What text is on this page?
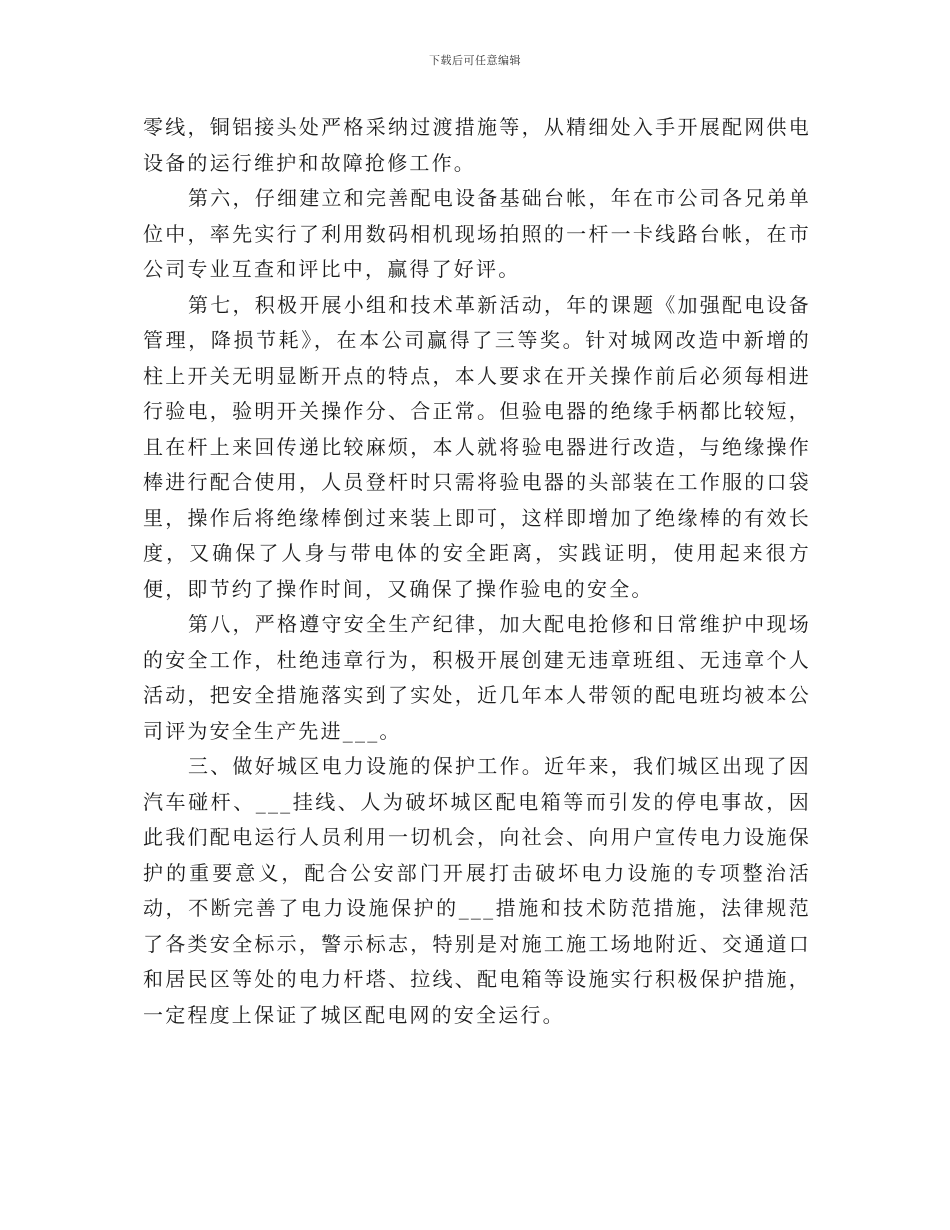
下载后可任意编辑

零线，铜铝接头处严格采纳过渡措施等，从精细处入手开展配网供电设备的运行维护和故障抢修工作。

第六，仔细建立和完善配电设备基础台帐，年在市公司各兄弟单位中，率先实行了利用数码相机现场拍照的一杆一卡线路台帐，在市公司专业互查和评比中，赢得了好评。

第七，积极开展小组和技术革新活动，年的课题《加强配电设备管理，降损节耗》，在本公司赢得了三等奖。针对城网改造中新增的柱上开关无明显断开点的特点，本人要求在开关操作前后必须每相进行验电，验明开关操作分、合正常。但验电器的绝缘手柄都比较短，且在杆上来回传递比较麻烦，本人就将验电器进行改造，与绝缘操作棒进行配合使用，人员登杆时只需将验电器的头部装在工作服的口袋里，操作后将绝缘棒倒过来装上即可，这样即增加了绝缘棒的有效长度，又确保了人身与带电体的安全距离，实践证明，使用起来很方便，即节约了操作时间，又确保了操作验电的安全。

第八，严格遵守安全生产纪律，加大配电抢修和日常维护中现场的安全工作，杜绝违章行为，积极开展创建无违章班组、无违章个人活动，把安全措施落实到了实处，近几年本人带领的配电班均被本公司评为安全生产先进___。

三、做好城区电力设施的保护工作。近年来，我们城区出现了因汽车碰杆、___挂线、人为破坏城区配电箱等而引发的停电事故，因此我们配电运行人员利用一切机会，向社会、向用户宣传电力设施保护的重要意义，配合公安部门开展打击破坏电力设施的专项整治活动，不断完善了电力设施保护的___措施和技术防范措施，法律规范了各类安全标示，警示标志，特别是对施工施工场地附近、交通道口和居民区等处的电力杆塔、拉线、配电箱等设施实行积极保护措施，一定程度上保证了城区配电网的安全运行。
